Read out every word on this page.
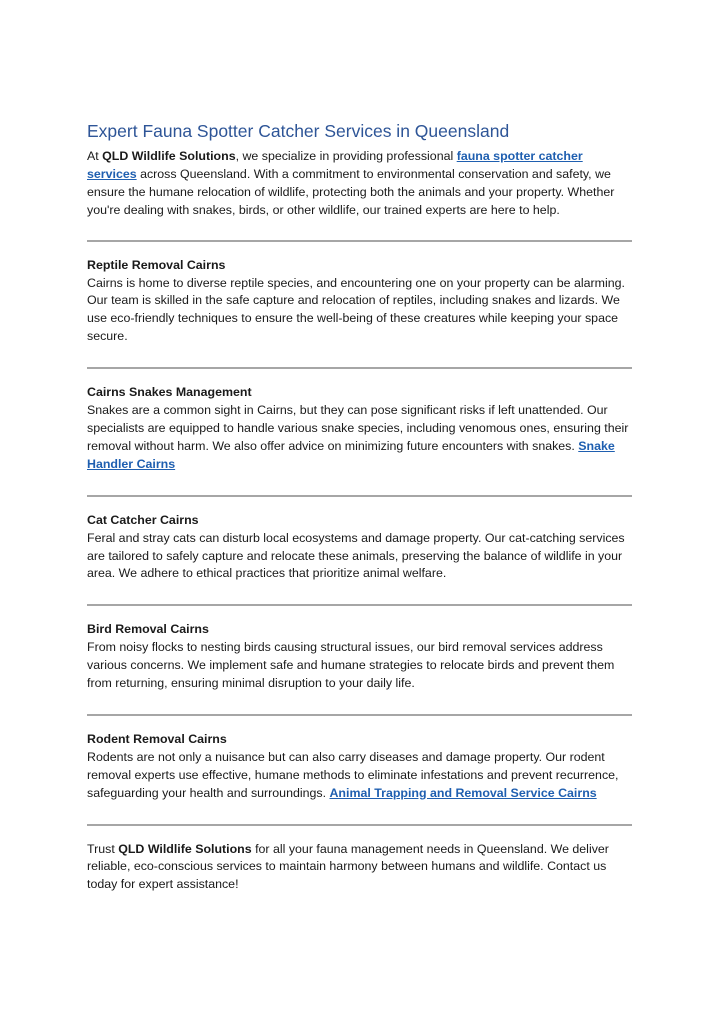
Expert Fauna Spotter Catcher Services in Queensland

At QLD Wildlife Solutions, we specialize in providing professional fauna spotter catcher services across Queensland. With a commitment to environmental conservation and safety, we ensure the humane relocation of wildlife, protecting both the animals and your property. Whether you're dealing with snakes, birds, or other wildlife, our trained experts are here to help.

Reptile Removal Cairns
Cairns is home to diverse reptile species, and encountering one on your property can be alarming. Our team is skilled in the safe capture and relocation of reptiles, including snakes and lizards. We use eco-friendly techniques to ensure the well-being of these creatures while keeping your space secure.

Cairns Snakes Management
Snakes are a common sight in Cairns, but they can pose significant risks if left unattended. Our specialists are equipped to handle various snake species, including venomous ones, ensuring their removal without harm. We also offer advice on minimizing future encounters with snakes. Snake Handler Cairns

Cat Catcher Cairns
Feral and stray cats can disturb local ecosystems and damage property. Our cat-catching services are tailored to safely capture and relocate these animals, preserving the balance of wildlife in your area. We adhere to ethical practices that prioritize animal welfare.

Bird Removal Cairns
From noisy flocks to nesting birds causing structural issues, our bird removal services address various concerns. We implement safe and humane strategies to relocate birds and prevent them from returning, ensuring minimal disruption to your daily life.

Rodent Removal Cairns
Rodents are not only a nuisance but can also carry diseases and damage property. Our rodent removal experts use effective, humane methods to eliminate infestations and prevent recurrence, safeguarding your health and surroundings. Animal Trapping and Removal Service Cairns

Trust QLD Wildlife Solutions for all your fauna management needs in Queensland. We deliver reliable, eco-conscious services to maintain harmony between humans and wildlife. Contact us today for expert assistance!
